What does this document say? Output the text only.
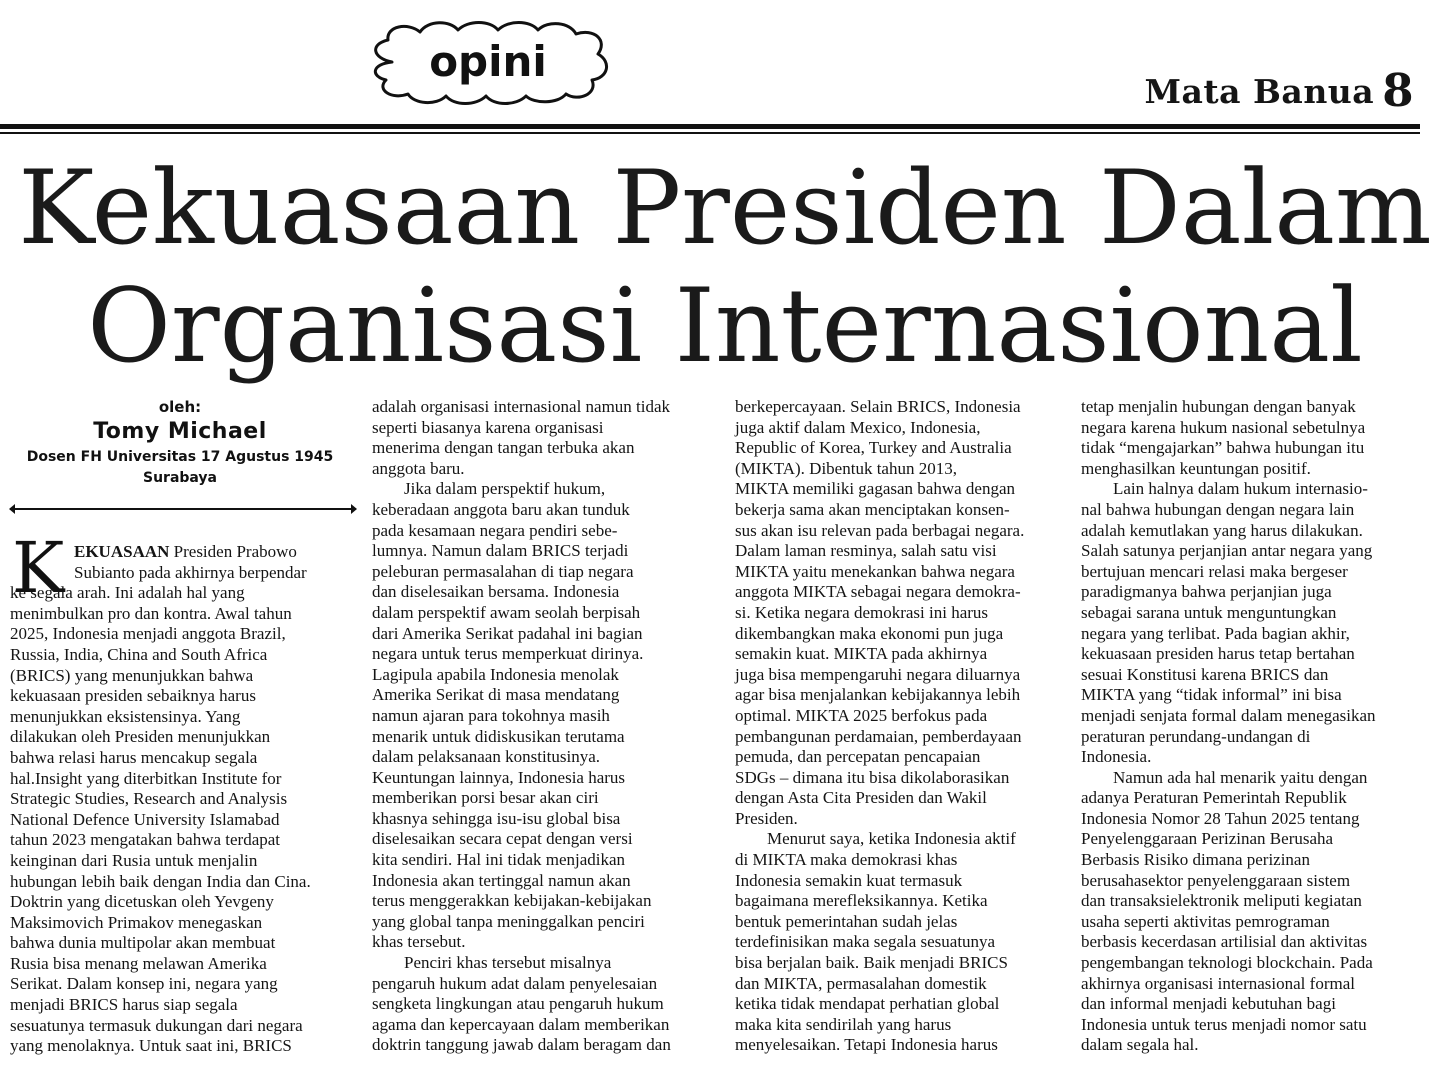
opini
Mata Banua 8
Kekuasaan Presiden Dalam
Organisasi Internasional
oleh:
Tomy Michael
Dosen FH Universitas 17 Agustus 1945
Surabaya
K EKUASAAN Presiden Prabowo
Subianto pada akhirnya berpendar
ke segala arah. Ini adalah hal yang
menimbulkan pro dan kontra. Awal tahun
2025, Indonesia menjadi anggota Brazil,
Russia, India, China and South Africa
(BRICS) yang menunjukkan bahwa
kekuasaan presiden sebaiknya harus
menunjukkan eksistensinya. Yang
dilakukan oleh Presiden menunjukkan
bahwa relasi harus mencakup segala
hal.Insight yang diterbitkan Institute for
Strategic Studies, Research and Analysis
National Defence University Islamabad
tahun 2023 mengatakan bahwa terdapat
keinginan dari Rusia untuk menjalin
hubungan lebih baik dengan India dan Cina.
Doktrin yang dicetuskan oleh Yevgeny
Maksimovich Primakov menegaskan
bahwa dunia multipolar akan membuat
Rusia bisa menang melawan Amerika
Serikat. Dalam konsep ini, negara yang
menjadi BRICS harus siap segala
sesuatunya termasuk dukungan dari negara
yang menolaknya. Untuk saat ini, BRICS
adalah organisasi internasional namun tidak
seperti biasanya karena organisasi
menerima dengan tangan terbuka akan
anggota baru.
Jika dalam perspektif hukum,
keberadaan anggota baru akan tunduk
pada kesamaan negara pendiri sebe-
lumnya. Namun dalam BRICS terjadi
peleburan permasalahan di tiap negara
dan diselesaikan bersama. Indonesia
dalam perspektif awam seolah berpisah
dari Amerika Serikat padahal ini bagian
negara untuk terus memperkuat dirinya.
Lagipula apabila Indonesia menolak
Amerika Serikat di masa mendatang
namun ajaran para tokohnya masih
menarik untuk didiskusikan terutama
dalam pelaksanaan konstitusinya.
Keuntungan lainnya, Indonesia harus
memberikan porsi besar akan ciri
khasnya sehingga isu-isu global bisa
diselesaikan secara cepat dengan versi
kita sendiri. Hal ini tidak menjadikan
Indonesia akan tertinggal namun akan
terus menggerakkan kebijakan-kebijakan
yang global tanpa meninggalkan penciri
khas tersebut.
Penciri khas tersebut misalnya
pengaruh hukum adat dalam penyelesaian
sengketa lingkungan atau pengaruh hukum
agama dan kepercayaan dalam memberikan
doktrin tanggung jawab dalam beragam dan
berkepercayaan. Selain BRICS, Indonesia
juga aktif dalam Mexico, Indonesia,
Republic of Korea, Turkey and Australia
(MIKTA). Dibentuk tahun 2013,
MIKTA memiliki gagasan bahwa dengan
bekerja sama akan menciptakan konsen-
sus akan isu relevan pada berbagai negara.
Dalam laman resminya, salah satu visi
MIKTA yaitu menekankan bahwa negara
anggota MIKTA sebagai negara demokra-
si. Ketika negara demokrasi ini harus
dikembangkan maka ekonomi pun juga
semakin kuat. MIKTA pada akhirnya
juga bisa mempengaruhi negara diluarnya
agar bisa menjalankan kebijakannya lebih
optimal. MIKTA 2025 berfokus pada
pembangunan perdamaian, pemberdayaan
pemuda, dan percepatan pencapaian
SDGs – dimana itu bisa dikolaborasikan
dengan Asta Cita Presiden dan Wakil
Presiden.
Menurut saya, ketika Indonesia aktif
di MIKTA maka demokrasi khas
Indonesia semakin kuat termasuk
bagaimana merefleksikannya. Ketika
bentuk pemerintahan sudah jelas
terdefinisikan maka segala sesuatunya
bisa berjalan baik. Baik menjadi BRICS
dan MIKTA, permasalahan domestik
ketika tidak mendapat perhatian global
maka kita sendirilah yang harus
menyelesaikan. Tetapi Indonesia harus
tetap menjalin hubungan dengan banyak
negara karena hukum nasional sebetulnya
tidak “mengajarkan” bahwa hubungan itu
menghasilkan keuntungan positif.
Lain halnya dalam hukum internasio-
nal bahwa hubungan dengan negara lain
adalah kemutlakan yang harus dilakukan.
Salah satunya perjanjian antar negara yang
bertujuan mencari relasi maka bergeser
paradigmanya bahwa perjanjian juga
sebagai sarana untuk menguntungkan
negara yang terlibat. Pada bagian akhir,
kekuasaan presiden harus tetap bertahan
sesuai Konstitusi karena BRICS dan
MIKTA yang “tidak informal” ini bisa
menjadi senjata formal dalam menegasikan
peraturan perundang-undangan di
Indonesia.
Namun ada hal menarik yaitu dengan
adanya Peraturan Pemerintah Republik
Indonesia Nomor 28 Tahun 2025 tentang
Penyelenggaraan Perizinan Berusaha
Berbasis Risiko dimana perizinan
berusahasektor penyelenggaraan sistem
dan transaksielektronik meliputi kegiatan
usaha seperti aktivitas pemrograman
berbasis kecerdasan artilisial dan aktivitas
pengembangan teknologi blockchain. Pada
akhirnya organisasi internasional formal
dan informal menjadi kebutuhan bagi
Indonesia untuk terus menjadi nomor satu
dalam segala hal.
